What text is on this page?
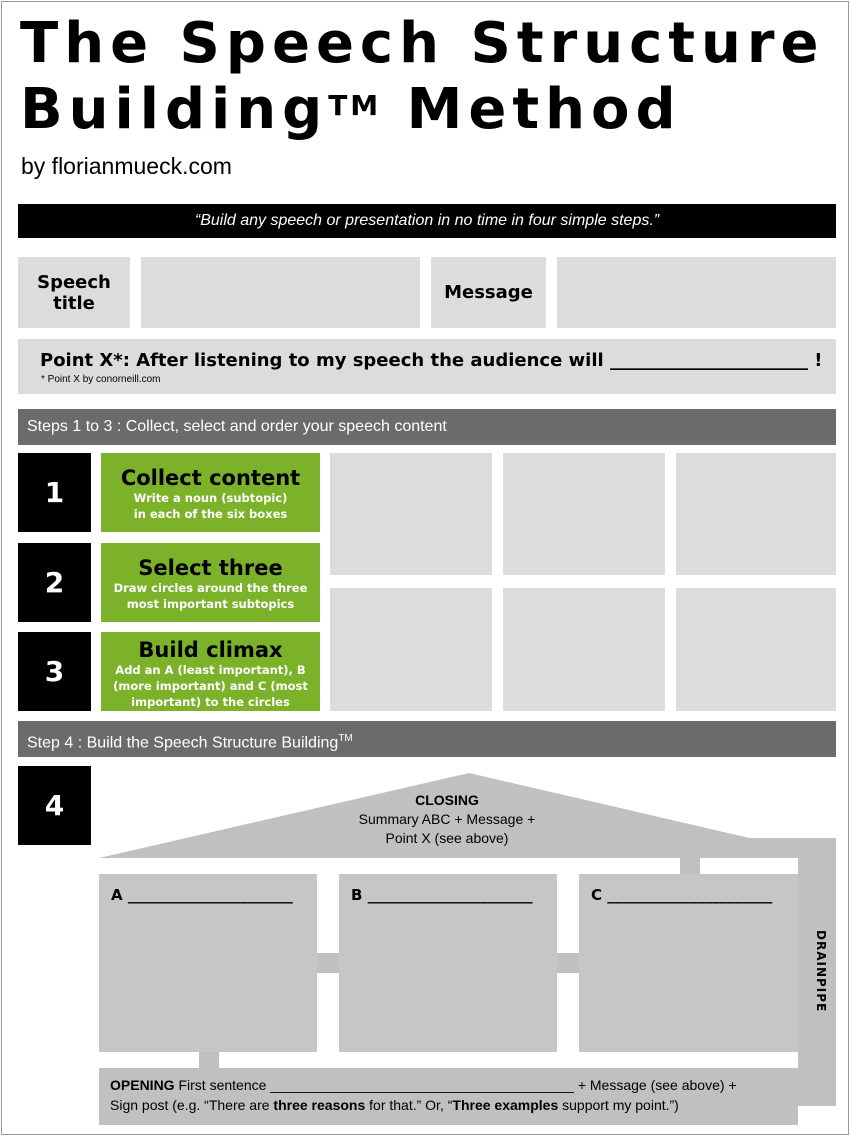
The Speech Structure
Building™ Method
by florianmueck.com
“Build any speech or presentation in no time in four simple steps.”
Speech title	Message
Point X*: After listening to my speech the audience will ______________________ !
* Point X by conorneill.com
Steps 1 to 3 : Collect, select and order your speech content
1
2
3
Collect content
Write a noun (subtopic)
in each of the six boxes
Select three
Draw circles around the three
most important subtopics
Build climax
Add an A (least important), B
(more important) and C (most
important) to the circles
Step 4 : Build the Speech Structure Building™
4
A ______________________	B ______________________	C ______________________
CLOSING
Summary ABC + Message +
Point X (see above)
DRAINPIPE
OPENING First sentence _______________________________________ + Message (see above) +
Sign post (e.g. “There are three reasons for that.” Or, “Three examples support my point.”)
